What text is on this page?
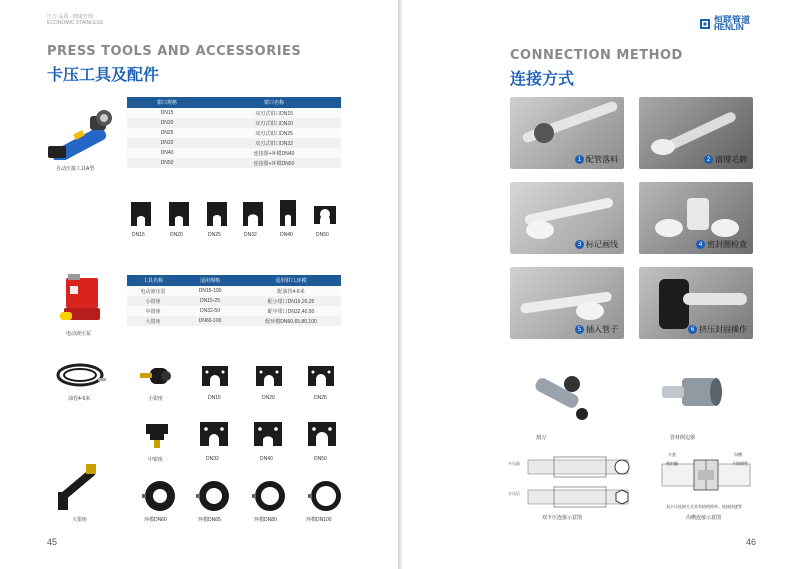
压力 品质 · 健康管理
ECONOMIC STAINLESS
PRESS TOOLS AND ACCESSORIES
卡压工具及配件
自动压接工具A型
钳口规格	钳口名称
DN15	双刃式钳口DN15
DN20	双刃式钳口DN20
DN25	双刃式钳口DN25
DN32	双刃式钳口DN32
DN40	连接器+环模DN40
DN50	连接器+环模DN50
DN15	DN20	DN25	DN32	DN40	DN50
电动液压泵
工具名称	适用规格	适用钳口,环模
电动液压泵	DN15-100	配油管4-6米
小钳座	DN15-25	配小钳口DN15,20,25
中钳座	DN32-50	配中钳口DN32,40,50
大钳座	DN60-100	配环模DN60,65,80,100
油管4-6米	小钳座	DN15	DN20	DN25
中钳座	DN32	DN40	DN50
大钳座	环模DN60	环模DN65	环模DN80	环模DN100
45
恒联管道
HENLIN
CONNECTION METHOD
连接方式
1 配管落料	2 清理毛刺
3 标记画线	4 密封圈检查
5 插入管子	6 挤压封固操作
割刀	管材倒边器
卡压前
卡压后
双卡压连接示意图
卡套	沟槽
密封圈	不锈钢管
双卡压连接方式具有结构简单、连接快速等
沟槽连接示意图
46
